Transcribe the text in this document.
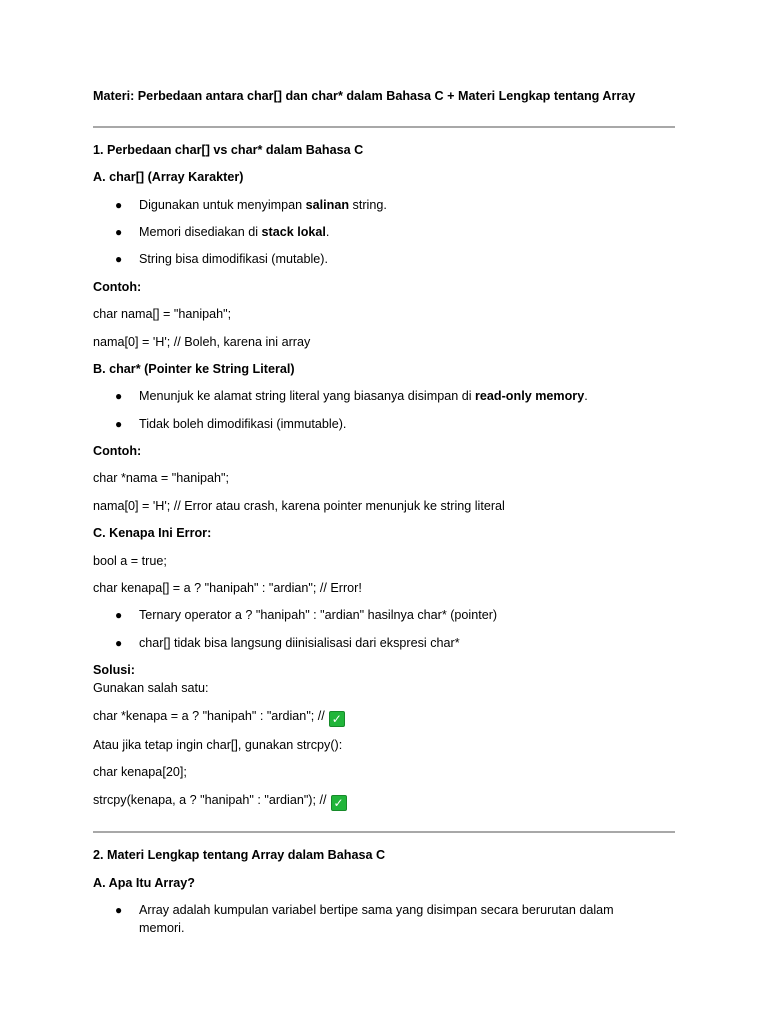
Materi: Perbedaan antara char[] dan char* dalam Bahasa C + Materi Lengkap tentang Array
1. Perbedaan char[] vs char* dalam Bahasa C
A. char[] (Array Karakter)
● Digunakan untuk menyimpan salinan string.
● Memori disediakan di stack lokal.
● String bisa dimodifikasi (mutable).
Contoh:
char nama[] = "hanipah";
nama[0] = 'H'; // Boleh, karena ini array
B. char* (Pointer ke String Literal)
● Menunjuk ke alamat string literal yang biasanya disimpan di read-only memory.
● Tidak boleh dimodifikasi (immutable).
Contoh:
char *nama = "hanipah";
nama[0] = 'H'; // Error atau crash, karena pointer menunjuk ke string literal
C. Kenapa Ini Error:
bool a = true;
char kenapa[] = a ? "hanipah" : "ardian"; // Error!
● Ternary operator a ? "hanipah" : "ardian" hasilnya char* (pointer)
● char[] tidak bisa langsung diinisialisasi dari ekspresi char*
Solusi:
Gunakan salah satu:
char *kenapa = a ? "hanipah" : "ardian"; // ✓
Atau jika tetap ingin char[], gunakan strcpy():
char kenapa[20];
strcpy(kenapa, a ? "hanipah" : "ardian"); // ✓
2. Materi Lengkap tentang Array dalam Bahasa C
A. Apa Itu Array?
● Array adalah kumpulan variabel bertipe sama yang disimpan secara berurutan dalam memori.
